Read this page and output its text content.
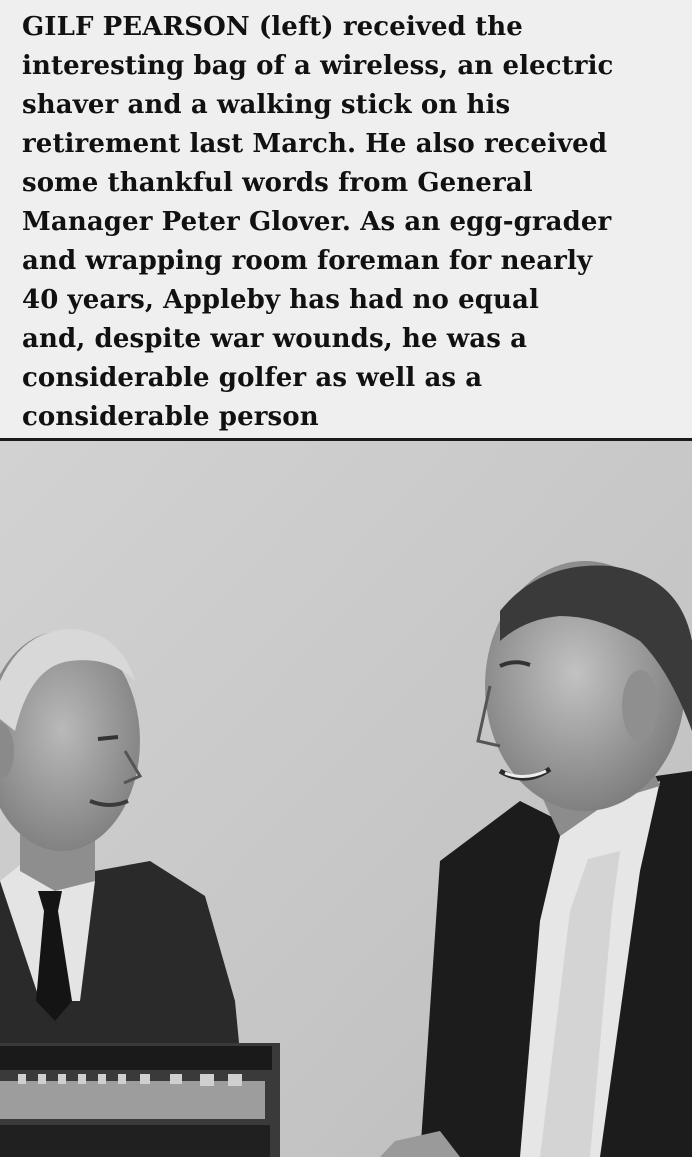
GILF PEARSON (left) received the
interesting bag of a wireless, an electric
shaver and a walking stick on his
retirement last March. He also received
some thankful words from General
Manager Peter Glover. As an egg-grader
and wrapping room foreman for nearly
40 years, Appleby has had no equal
and, despite war wounds, he was a
considerable golfer as well as a
considerable person
